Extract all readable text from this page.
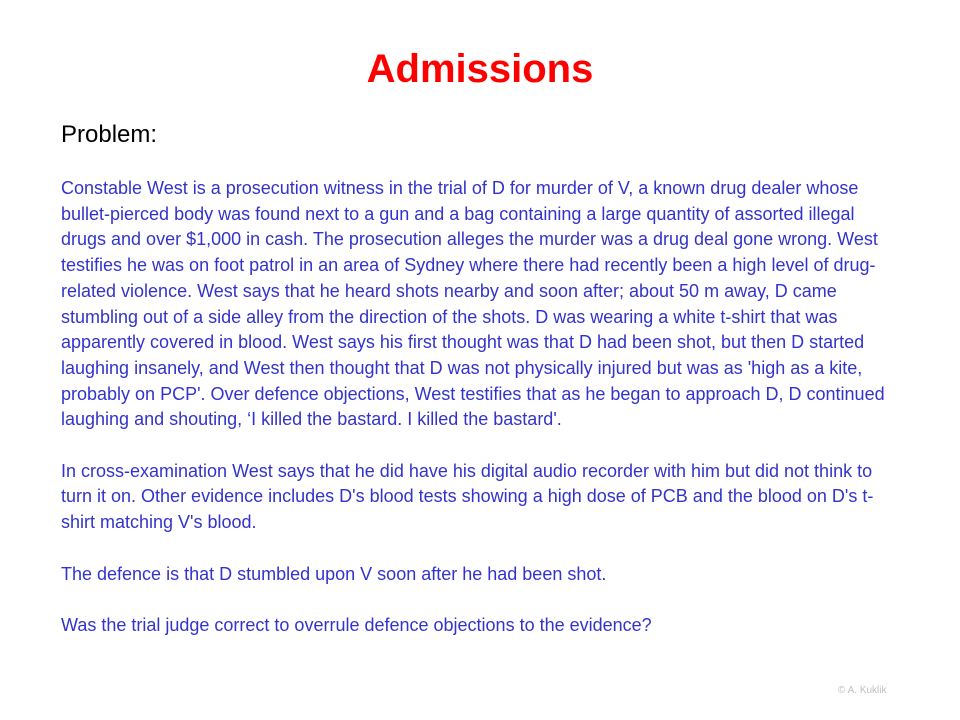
Admissions
Problem:

Constable West is a prosecution witness in the trial of D for murder of V, a known drug dealer whose bullet-pierced body was found next to a gun and a bag containing a large quantity of assorted illegal drugs and over $1,000 in cash. The prosecution alleges the murder was a drug deal gone wrong. West testifies he was on foot patrol in an area of Sydney where there had recently been a high level of drug-related violence. West says that he heard shots nearby and soon after; about 50 m away, D came stumbling out of a side alley from the direction of the shots. D was wearing a white t-shirt that was apparently covered in blood. West says his first thought was that D had been shot, but then D started laughing insanely, and West then thought that D was not physically injured but was as 'high as a kite, probably on PCP'. Over defence objections, West testifies that as he began to approach D, D continued laughing and shouting, ‘I killed the bastard. I killed the bastard'.

In cross-examination West says that he did have his digital audio recorder with him but did not think to turn it on. Other evidence includes D's blood tests showing a high dose of PCB and the blood on D's t-shirt matching V's blood.

The defence is that D stumbled upon V soon after he had been shot.

Was the trial judge correct to overrule defence objections to the evidence?

© A. Kuklik
